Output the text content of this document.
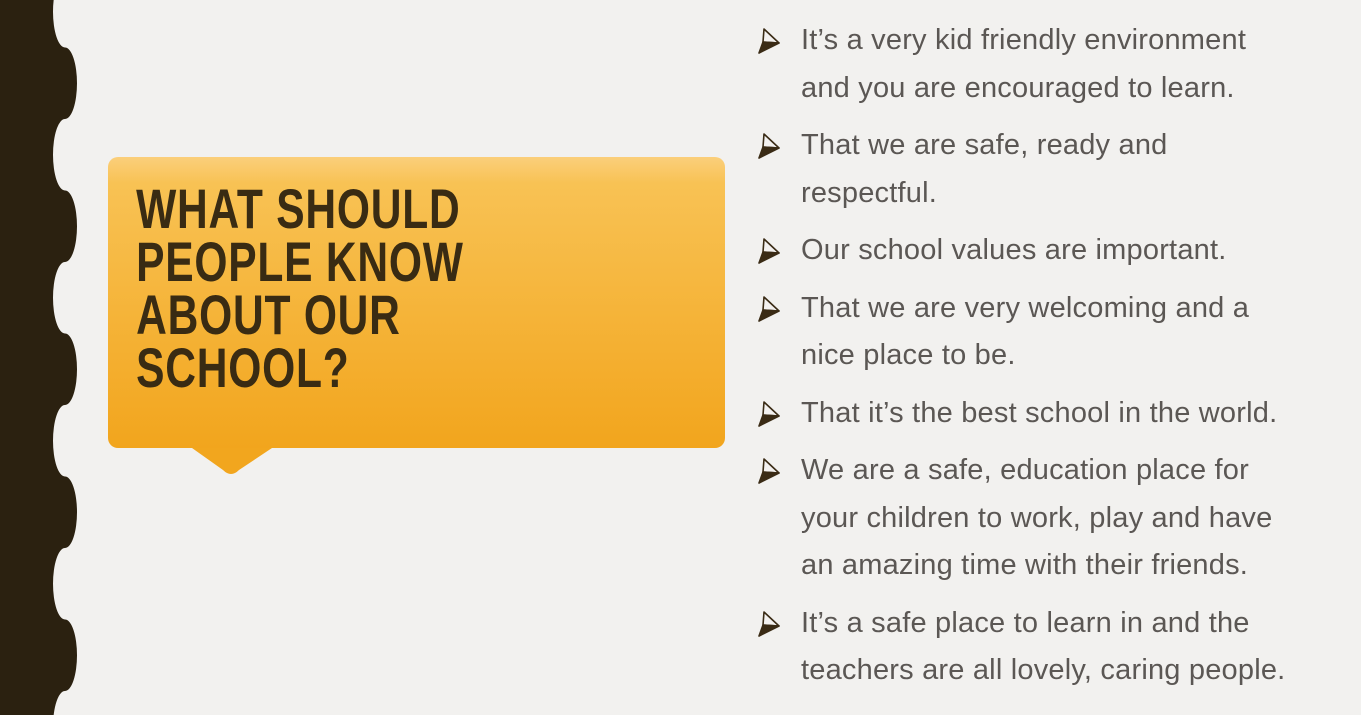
WHAT SHOULD
PEOPLE KNOW
ABOUT OUR
SCHOOL?
It’s a very kid friendly environment
and you are encouraged to learn.
That we are safe, ready and
respectful.
Our school values are important.
That we are very welcoming and a
nice place to be.
That it’s the best school in the world.
We are a safe, education place for
your children to work, play and have
an amazing time with their friends.
It’s a safe place to learn in and the
teachers are all lovely, caring people.
